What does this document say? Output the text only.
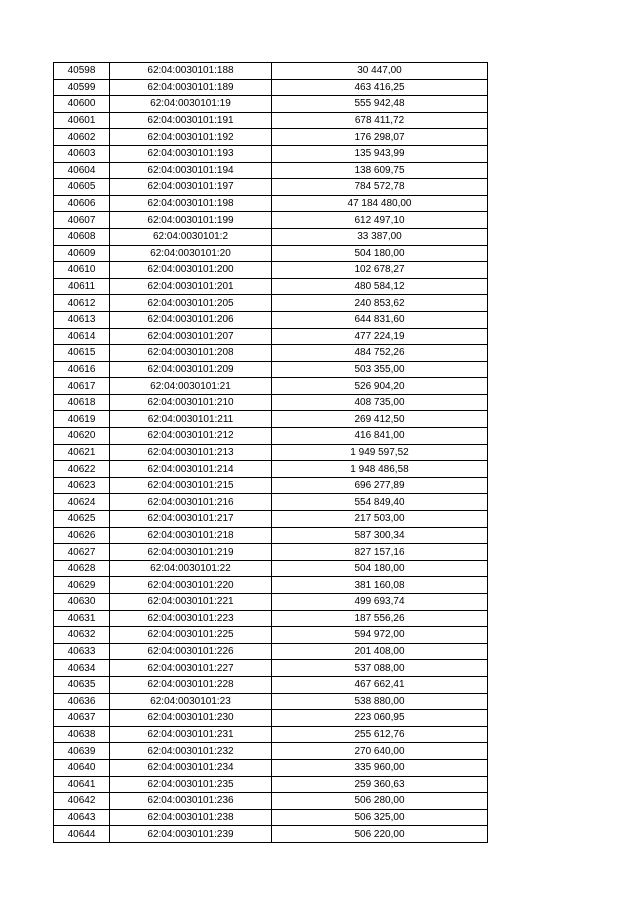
40598	62:04:0030101:188	30 447,00
40599	62:04:0030101:189	463 416,25
40600	62:04:0030101:19	555 942,48
40601	62:04:0030101:191	678 411,72
40602	62:04:0030101:192	176 298,07
40603	62:04:0030101:193	135 943,99
40604	62:04:0030101:194	138 609,75
40605	62:04:0030101:197	784 572,78
40606	62:04:0030101:198	47 184 480,00
40607	62:04:0030101:199	612 497,10
40608	62:04:0030101:2	33 387,00
40609	62:04:0030101:20	504 180,00
40610	62:04:0030101:200	102 678,27
40611	62:04:0030101:201	480 584,12
40612	62:04:0030101:205	240 853,62
40613	62:04:0030101:206	644 831,60
40614	62:04:0030101:207	477 224,19
40615	62:04:0030101:208	484 752,26
40616	62:04:0030101:209	503 355,00
40617	62:04:0030101:21	526 904,20
40618	62:04:0030101:210	408 735,00
40619	62:04:0030101:211	269 412,50
40620	62:04:0030101:212	416 841,00
40621	62:04:0030101:213	1 949 597,52
40622	62:04:0030101:214	1 948 486,58
40623	62:04:0030101:215	696 277,89
40624	62:04:0030101:216	554 849,40
40625	62:04:0030101:217	217 503,00
40626	62:04:0030101:218	587 300,34
40627	62:04:0030101:219	827 157,16
40628	62:04:0030101:22	504 180,00
40629	62:04:0030101:220	381 160,08
40630	62:04:0030101:221	499 693,74
40631	62:04:0030101:223	187 556,26
40632	62:04:0030101:225	594 972,00
40633	62:04:0030101:226	201 408,00
40634	62:04:0030101:227	537 088,00
40635	62:04:0030101:228	467 662,41
40636	62:04:0030101:23	538 880,00
40637	62:04:0030101:230	223 060,95
40638	62:04:0030101:231	255 612,76
40639	62:04:0030101:232	270 640,00
40640	62:04:0030101:234	335 960,00
40641	62:04:0030101:235	259 360,63
40642	62:04:0030101:236	506 280,00
40643	62:04:0030101:238	506 325,00
40644	62:04:0030101:239	506 220,00
